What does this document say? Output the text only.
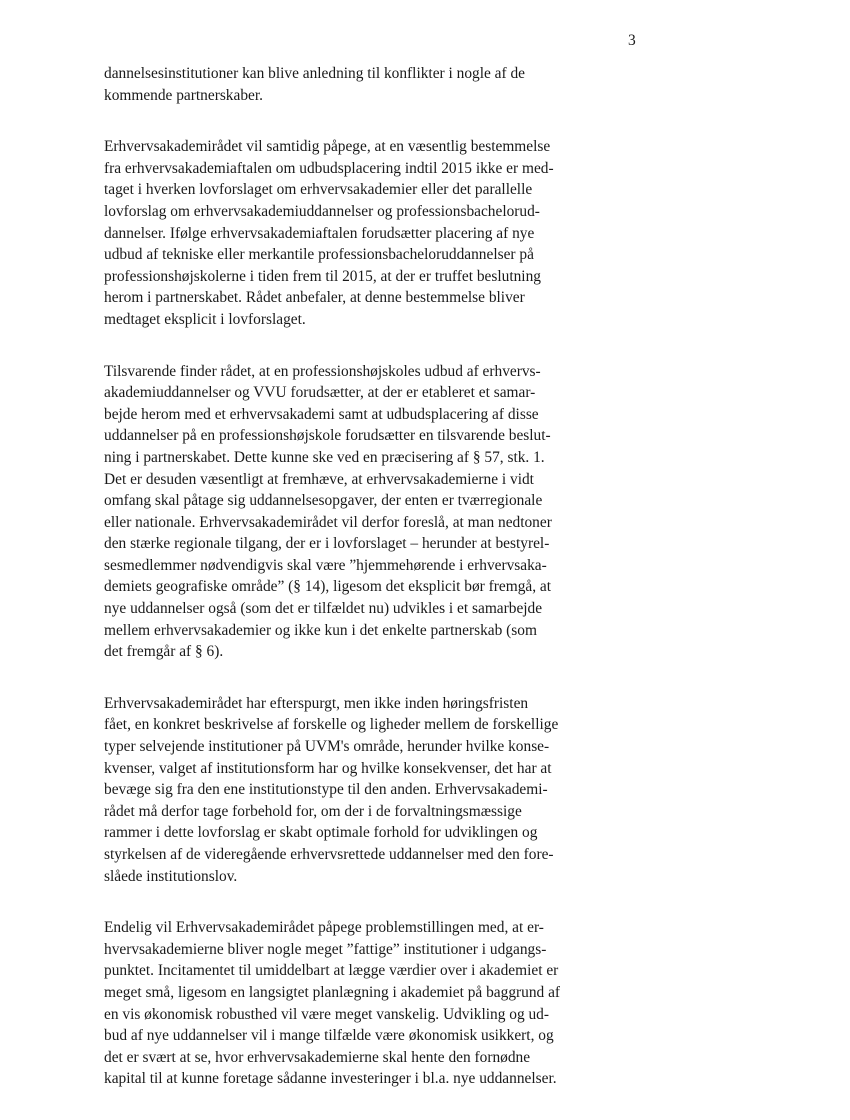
3

dannelsesinstitutioner kan blive anledning til konflikter i nogle af de
kommende partnerskaber.

Erhvervsakademirådet vil samtidig påpege, at en væsentlig bestemmelse
fra erhvervsakademiaftalen om udbudsplacering indtil 2015 ikke er med-
taget i hverken lovforslaget om erhvervsakademier eller det parallelle
lovforslag om erhvervsakademiuddannelser og professionsbachelorud-
dannelser. Ifølge erhvervsakademiaftalen forudsætter placering af nye
udbud af tekniske eller merkantile professionsbacheloruddannelser på
professionshøjskolerne i tiden frem til 2015, at der er truffet beslutning
herom i partnerskabet. Rådet anbefaler, at denne bestemmelse bliver
medtaget eksplicit i lovforslaget.

Tilsvarende finder rådet, at en professionshøjskoles udbud af erhvervs-
akademiuddannelser og VVU forudsætter, at der er etableret et samar-
bejde herom med et erhvervsakademi samt at udbudsplacering af disse
uddannelser på en professionshøjskole forudsætter en tilsvarende beslut-
ning i partnerskabet. Dette kunne ske ved en præcisering af § 57, stk. 1.
Det er desuden væsentligt at fremhæve, at erhvervsakademierne i vidt
omfang skal påtage sig uddannelsesopgaver, der enten er tværregionale
eller nationale. Erhvervsakademirådet vil derfor foreslå, at man nedtoner
den stærke regionale tilgang, der er i lovforslaget – herunder at bestyrel-
sesmedlemmer nødvendigvis skal være ”hjemmehørende i erhvervsaka-
demiets geografiske område” (§ 14), ligesom det eksplicit bør fremgå, at
nye uddannelser også (som det er tilfældet nu) udvikles i et samarbejde
mellem erhvervsakademier og ikke kun i det enkelte partnerskab (som
det fremgår af § 6).

Erhvervsakademirådet har efterspurgt, men ikke inden høringsfristen
fået, en konkret beskrivelse af forskelle og ligheder mellem de forskellige
typer selvejende institutioner på UVM's område, herunder hvilke konse-
kvenser, valget af institutionsform har og hvilke konsekvenser, det har at
bevæge sig fra den ene institutionstype til den anden. Erhvervsakademi-
rådet må derfor tage forbehold for, om der i de forvaltningsmæssige
rammer i dette lovforslag er skabt optimale forhold for udviklingen og
styrkelsen af de videregående erhvervsrettede uddannelser med den fore-
slåede institutionslov.

Endelig vil Erhvervsakademirådet påpege problemstillingen med, at er-
hvervsakademierne bliver nogle meget ”fattige” institutioner i udgangs-
punktet. Incitamentet til umiddelbart at lægge værdier over i akademiet er
meget små, ligesom en langsigtet planlægning i akademiet på baggrund af
en vis økonomisk robusthed vil være meget vanskelig. Udvikling og ud-
bud af nye uddannelser vil i mange tilfælde være økonomisk usikkert, og
det er svært at se, hvor erhvervsakademierne skal hente den fornødne
kapital til at kunne foretage sådanne investeringer i bl.a. nye uddannelser.
